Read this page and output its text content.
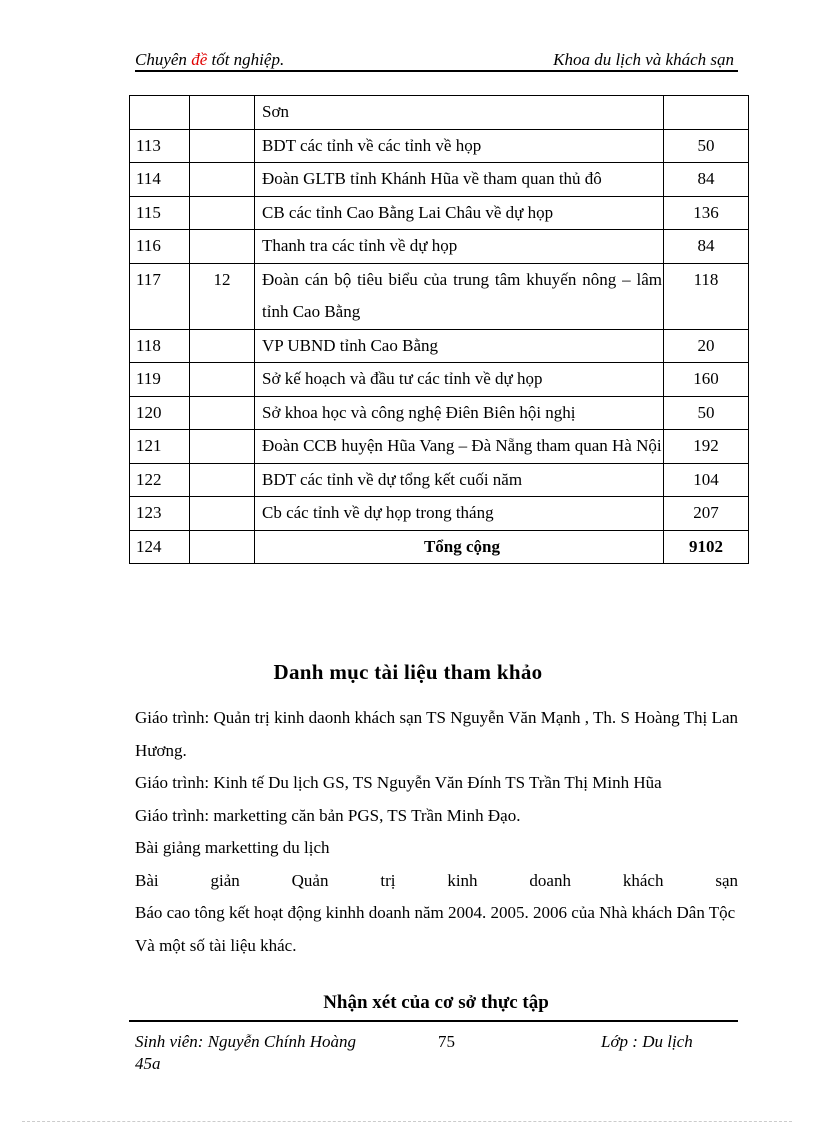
Chuyên đề tốt nghiệp.	Khoa du lịch và khách sạn
		Sơn	
113		BDT các tỉnh về các tỉnh về họp	50
114		Đoàn GLTB tỉnh Khánh Hũa về tham quan thủ đô	84
115		CB các tỉnh Cao Bằng Lai Châu về dự họp	136
116		Thanh tra các tỉnh về dự họp	84
117	12	Đoàn cán bộ tiêu biểu của trung tâm khuyến nông – lâm tỉnh Cao Bằng	118
118		VP UBND tỉnh Cao Bằng	20
119		Sở kế hoạch và đầu tư các tỉnh về dự họp	160
120		Sở khoa học và công nghệ Điên Biên hội nghị	50
121		Đoàn CCB huyện Hũa Vang – Đà Nẵng tham quan Hà Nội	192
122		BDT các tỉnh về dự tổng kết cuối năm	104
123		Cb các tỉnh về dự họp trong tháng	207
124		Tổng cộng	9102
Danh mục tài liệu tham khảo

Giáo trình: Quản trị kinh daonh khách sạn TS Nguyễn Văn Mạnh , Th. S Hoàng Thị Lan Hương.

Giáo trình: Kinh tế Du lịch GS, TS Nguyễn Văn Đính TS Trần Thị Minh Hũa

Giáo trình: marketting căn bản PGS, TS Trần Minh Đạo.

Bài giảng marketting du lịch

Bài giản Quản trị kinh doanh khách sạn

Báo cao tông kết hoạt động kinhh doanh năm 2004. 2005. 2006 của Nhà khách Dân Tộc

Và một số tài liệu khác.

Nhận xét của cơ sở thực tập
Sinh viên: Nguyễn Chính Hoàng	75	Lớp : Du lịch
45a
